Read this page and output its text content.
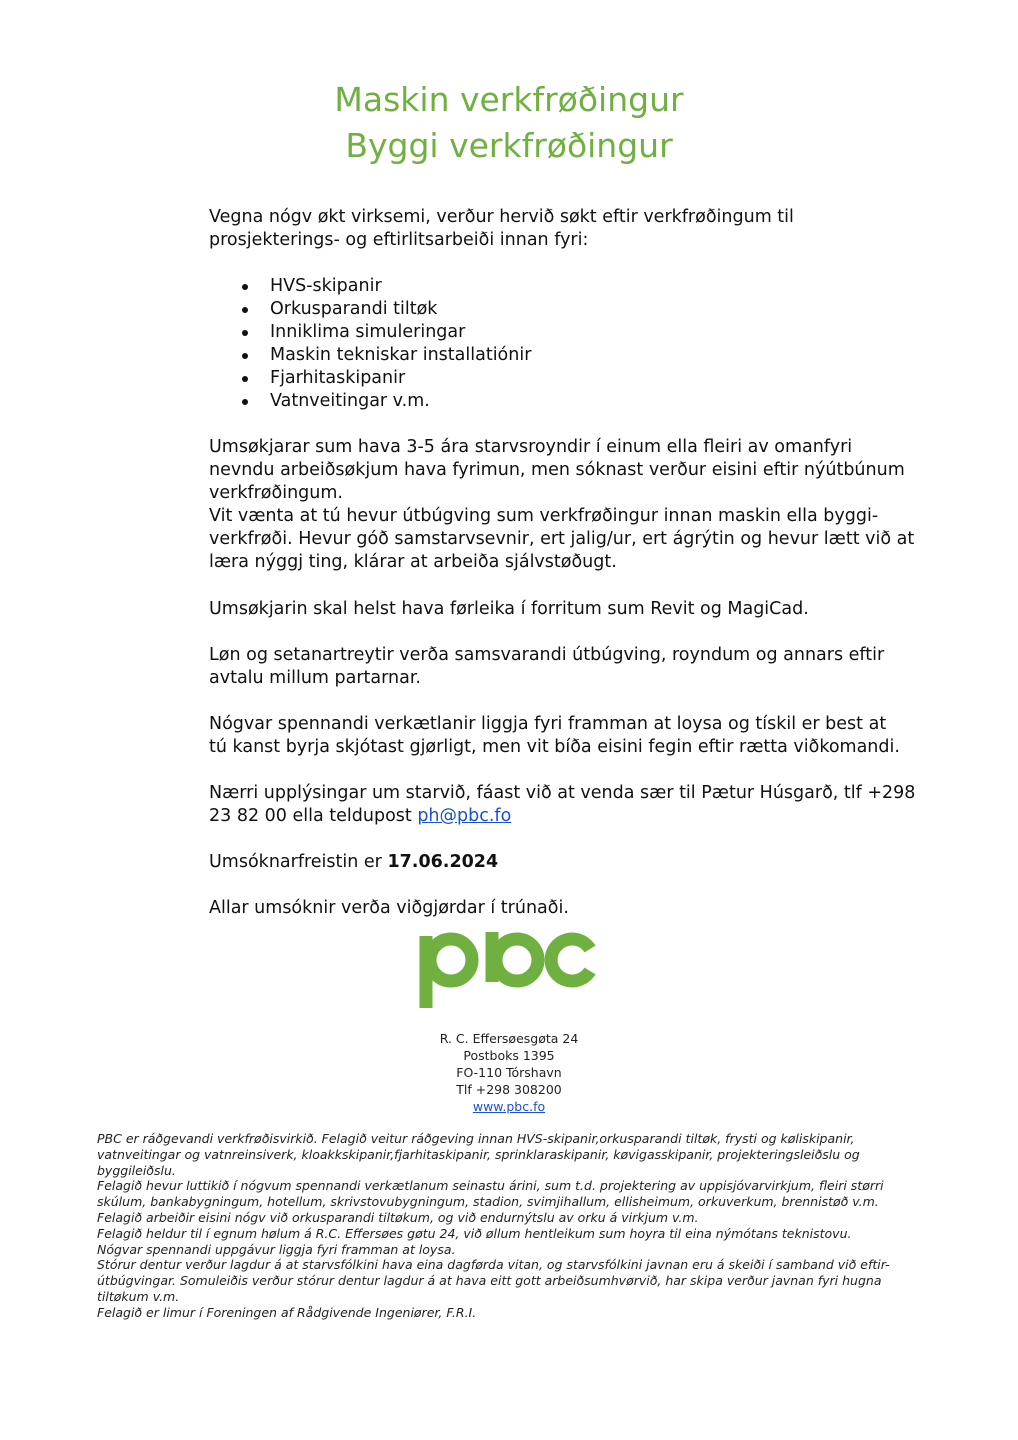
Maskin verkfrøðingur
Byggi verkfrøðingur

Vegna nógv økt virksemi, verður hervið søkt eftir verkfrøðingum til

prosjekterings- og eftirlitsarbeiði innan fyri:

HVS-skipanir
Orkusparandi tiltøk
Inniklima simuleringar
Maskin tekniskar installatiónir
Fjarhitaskipanir
Vatnveitingar v.m.

Umsøkjarar sum hava 3-5 ára starvsroyndir í einum ella fleiri av omanfyri

nevndu arbeiðsøkjum hava fyrimun, men sóknast verður eisini eftir nýútbúnum

verkfrøðingum.

Vit vænta at tú hevur útbúgving sum verkfrøðingur innan maskin ella byggi-

verkfrøði. Hevur góð samstarvsevnir, ert jalig/ur, ert ágrýtin og hevur lætt við at

læra nýggj ting, klárar at arbeiða sjálvstøðugt.

Umsøkjarin skal helst hava førleika í forritum sum Revit og MagiCad.

Løn og setanartreytir verða samsvarandi útbúgving, royndum og annars eftir

avtalu millum partarnar.

Nógvar spennandi verkætlanir liggja fyri framman at loysa og tískil er best at

tú kanst byrja skjótast gjørligt, men vit bíða eisini fegin eftir rætta viðkomandi.

Nærri upplýsingar um starvið, fáast við at venda sær til Pætur Húsgarð, tlf +298

23 82 00 ella teldupost ph@pbc.fo

Umsóknarfreistin er 17.06.2024

Allar umsóknir verða viðgjørdar í trúnaði.

R. C. Effersøesgøta 24
Postboks 1395
FO-110 Tórshavn
Tlf +298 308200
www.pbc.fo

PBC er ráðgevandi verkfrøðisvirkið. Felagið veitur ráðgeving innan HVS-skipanir,orkusparandi tiltøk, frysti og køliskipanir,

vatnveitingar og vatnreinsiverk, kloakkskipanir,fjarhitaskipanir, sprinklaraskipanir, køvigasskipanir, projekteringsleiðslu og

byggileiðslu.

Felagið hevur luttikið í nógvum spennandi verkætlanum seinastu árini, sum t.d. projektering av uppisjóvarvirkjum, fleiri størri

skúlum, bankabygningum, hotellum, skrivstovubygningum, stadion, svimjihallum, ellisheimum, orkuverkum, brennistøð v.m.

Felagið arbeiðir eisini nógv við orkusparandi tiltøkum, og við endurnýtslu av orku á virkjum v.m.

Felagið heldur til í egnum hølum á R.C. Effersøes gøtu 24, við øllum hentleikum sum hoyra til eina nýmótans teknistovu.

Nógvar spennandi uppgávur liggja fyri framman at loysa.

Stórur dentur verður lagdur á at starvsfólkini hava eina dagførda vitan, og starvsfólkini javnan eru á skeiði í samband við eftir-

útbúgvingar. Somuleiðis verður stórur dentur lagdur á at hava eitt gott arbeiðsumhvørvið, har skipa verður javnan fyri hugna

tiltøkum v.m.

Felagið er limur í Foreningen af Rådgivende Ingeniører, F.R.I.
